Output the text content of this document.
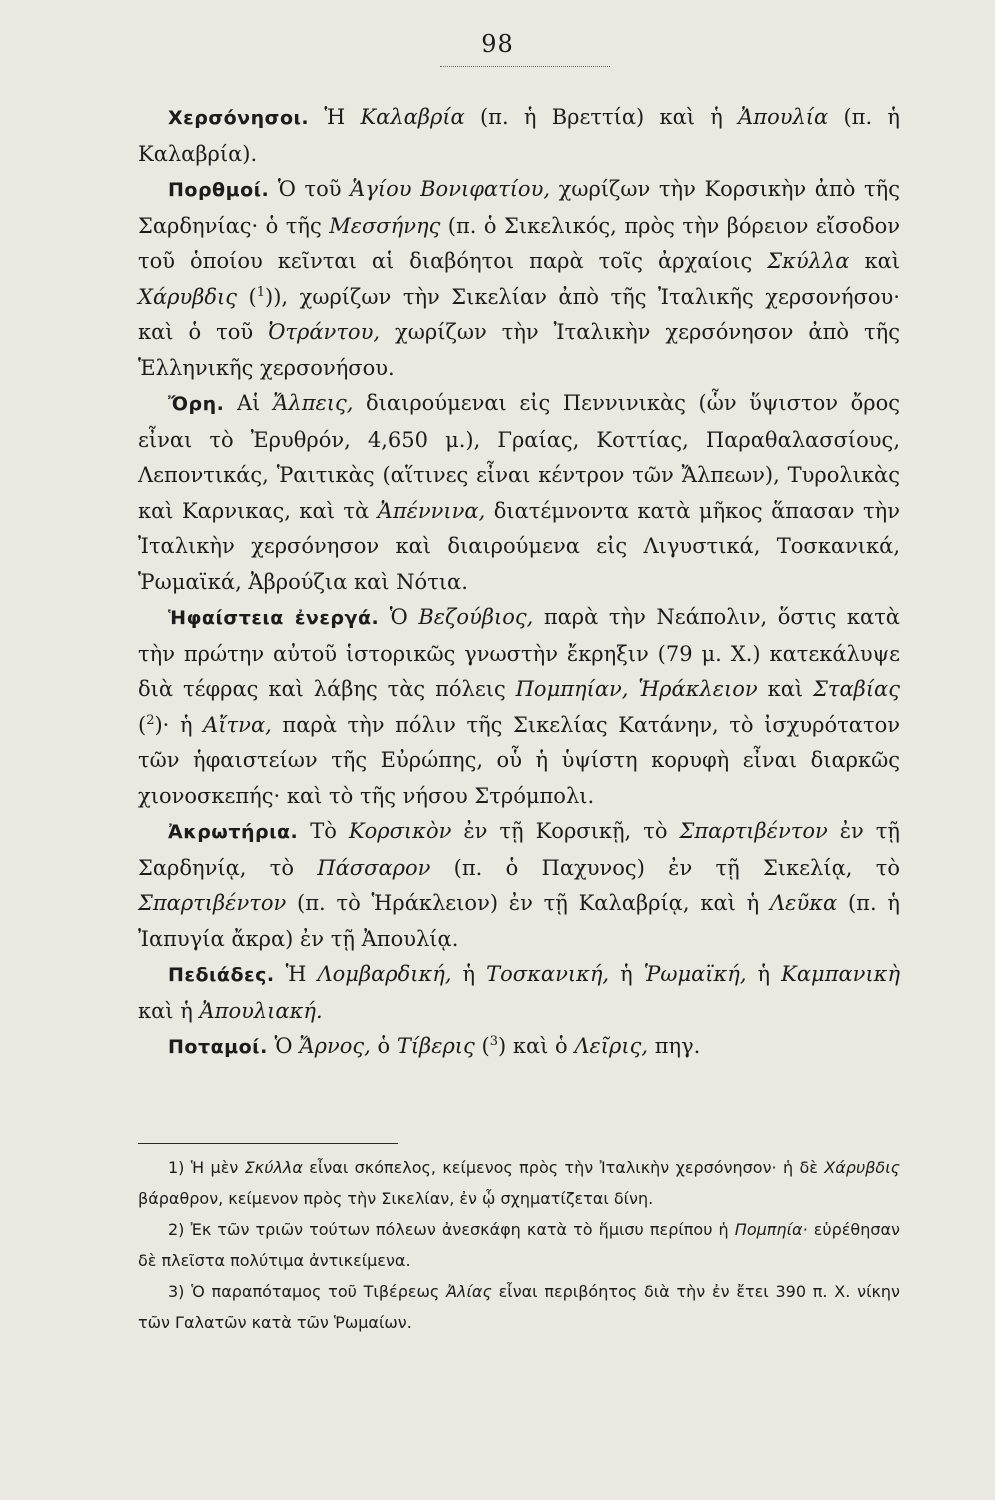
98

Χερσόνησοι. Ἡ Καλαβρία (π. ἡ Βρεττία) καὶ ἡ Ἀπουλία (π. ἡ Καλαβρία).

Πορθμοί. Ὁ τοῦ Ἁγίου Βονιφατίου, χωρίζων τὴν Κορσικὴν ἀπὸ τῆς Σαρδηνίας· ὁ τῆς Μεσσήνης (π. ὁ Σικελικός, πρὸς τὴν βόρειον εἴσοδον τοῦ ὁποίου κεῖνται αἱ διαβόητοι παρὰ τοῖς ἀρχαίοις Σκύλλα καὶ Χάρυβδις ($^1$)), χωρίζων τὴν Σικελίαν ἀπὸ τῆς Ἰταλικῆς χερσονήσου· καὶ ὁ τοῦ Ὀτράντου, χωρίζων τὴν Ἰταλικὴν χερσόνησον ἀπὸ τῆς Ἑλληνικῆς χερσονήσου.

Ὄρη. Αἱ Ἄλπεις, διαιρούμεναι εἰς Πεννινικὰς (ὧν ὕψιστον ὄρος εἶναι τὸ Ἐρυθρόν, 4,650 μ.), Γραίας, Κοττίας, Παραθαλασσίους, Λεποντικάς, Ῥαιτικὰς (αἵτινες εἶναι κέντρον τῶν Ἄλπεων), Τυρολικὰς καὶ Καρνικας, καὶ τὰ Ἀπέννινα, διατέμνοντα κατὰ μῆκος ἅπασαν τὴν Ἰταλικὴν χερσόνησον καὶ διαιρούμενα εἰς Λιγυστικά, Τοσκανικά, Ῥωμαϊκά, Ἀβρούζια καὶ Νότια.

Ἡφαίστεια ἐνεργά. Ὁ Βεζούβιος, παρὰ τὴν Νεάπολιν, ὅστις κατὰ τὴν πρώτην αὐτοῦ ἱστορικῶς γνωστὴν ἔκρηξιν (79 μ. Χ.) κατεκάλυψε διὰ τέφρας καὶ λάβης τὰς πόλεις Πομπηίαν, Ἡράκλειον καὶ Σταβίας ($^2$)· ἡ Αἴτνα, παρὰ τὴν πόλιν τῆς Σικελίας Κατάνην, τὸ ἰσχυρότατον τῶν ἡφαιστείων τῆς Εὐρώπης, οὗ ἡ ὑψίστη κορυφὴ εἶναι διαρκῶς χιονοσκεπής· καὶ τὸ τῆς νήσου Στρόμπολι.

Ἀκρωτήρια. Τὸ Κορσικὸν ἐν τῇ Κορσικῇ, τὸ Σπαρτιβέντον ἐν τῇ Σαρδηνίᾳ, τὸ Πάσσαρον (π. ὁ Παχυνος) ἐν τῇ Σικελίᾳ, τὸ Σπαρτιβέντον (π. τὸ Ἡράκλειον) ἐν τῇ Καλαβρίᾳ, καὶ ἡ Λεῦκα (π. ἡ Ἰαπυγία ἄκρα) ἐν τῇ Ἀπουλίᾳ.

Πεδιάδες. Ἡ Λομβαρδική, ἡ Τοσκανική, ἡ Ῥωμαϊκή, ἡ Καμπανικὴ καὶ ἡ Ἀπουλιακή.

Ποταμοί. Ὁ Ἄρνος, ὁ Τίβερις ($^3$) καὶ ὁ Λεῖρις, πηγ.

1) Ἡ μὲν Σκύλλα εἶναι σκόπελος, κείμενος πρὸς τὴν Ἰταλικὴν χερσόνησον· ἡ δὲ Χάρυβδις βάραθρον, κείμενον πρὸς τὴν Σικελίαν, ἐν ᾧ σχηματίζεται δίνη.

2) Ἐκ τῶν τριῶν τούτων πόλεων ἀνεσκάφη κατὰ τὸ ἥμισυ περίπου ἡ Πομπηία· εὑρέθησαν δὲ πλεῖστα πολύτιμα ἀντικείμενα.

3) Ὁ παραπόταμος τοῦ Τιβέρεως Ἀλίας εἶναι περιβόητος διὰ τὴν ἐν ἔτει 390 π. Χ. νίκην τῶν Γαλατῶν κατὰ τῶν Ῥωμαίων.
